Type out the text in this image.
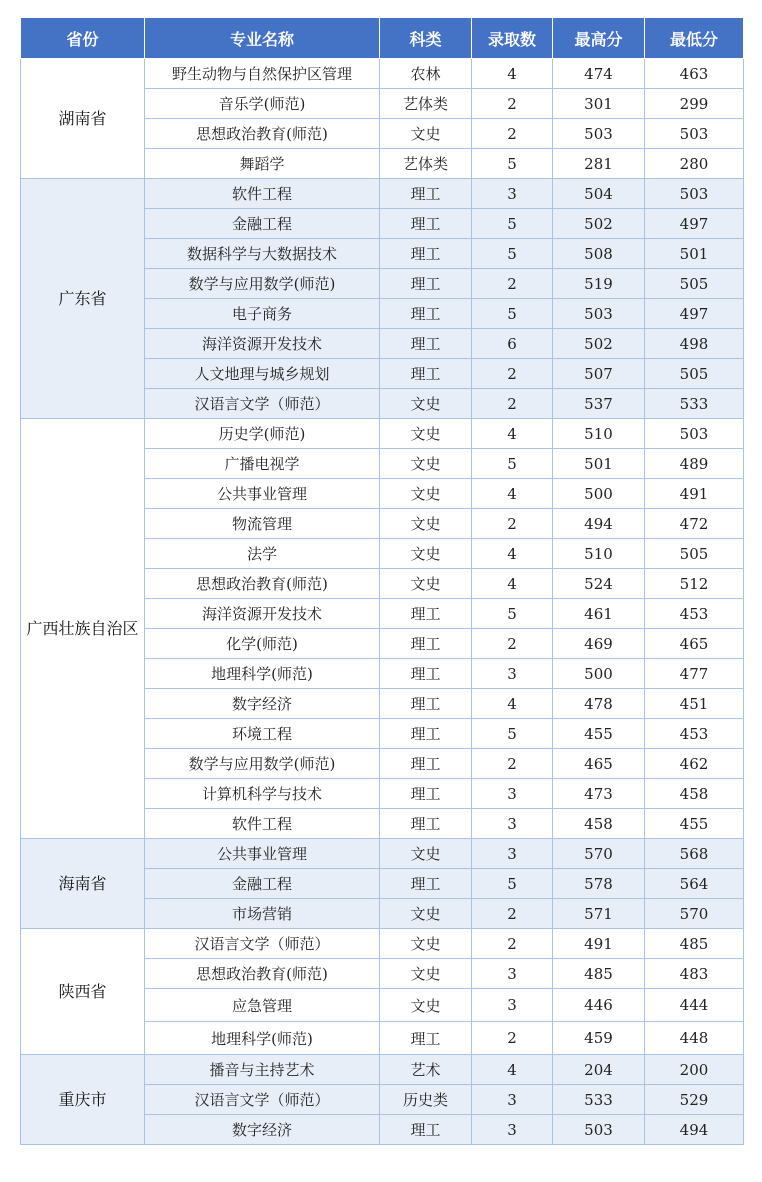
省份	专业名称	科类	录取数	最高分	最低分
湖南省	野生动物与自然保护区管理	农林	4	474	463
	音乐学(师范)	艺体类	2	301	299
	思想政治教育(师范)	文史	2	503	503
	舞蹈学	艺体类	5	281	280
广东省	软件工程	理工	3	504	503
	金融工程	理工	5	502	497
	数据科学与大数据技术	理工	5	508	501
	数学与应用数学(师范)	理工	2	519	505
	电子商务	理工	5	503	497
	海洋资源开发技术	理工	6	502	498
	人文地理与城乡规划	理工	2	507	505
	汉语言文学（师范）	文史	2	537	533
广西壮族自治区	历史学(师范)	文史	4	510	503
	广播电视学	文史	5	501	489
	公共事业管理	文史	4	500	491
	物流管理	文史	2	494	472
	法学	文史	4	510	505
	思想政治教育(师范)	文史	4	524	512
	海洋资源开发技术	理工	5	461	453
	化学(师范)	理工	2	469	465
	地理科学(师范)	理工	3	500	477
	数字经济	理工	4	478	451
	环境工程	理工	5	455	453
	数学与应用数学(师范)	理工	2	465	462
	计算机科学与技术	理工	3	473	458
	软件工程	理工	3	458	455
海南省	公共事业管理	文史	3	570	568
	金融工程	理工	5	578	564
	市场营销	文史	2	571	570
陕西省	汉语言文学（师范）	文史	2	491	485
	思想政治教育(师范)	文史	3	485	483
	应急管理	文史	3	446	444
	地理科学(师范)	理工	2	459	448
重庆市	播音与主持艺术	艺术	4	204	200
	汉语言文学（师范）	历史类	3	533	529
	数字经济	理工	3	503	494
